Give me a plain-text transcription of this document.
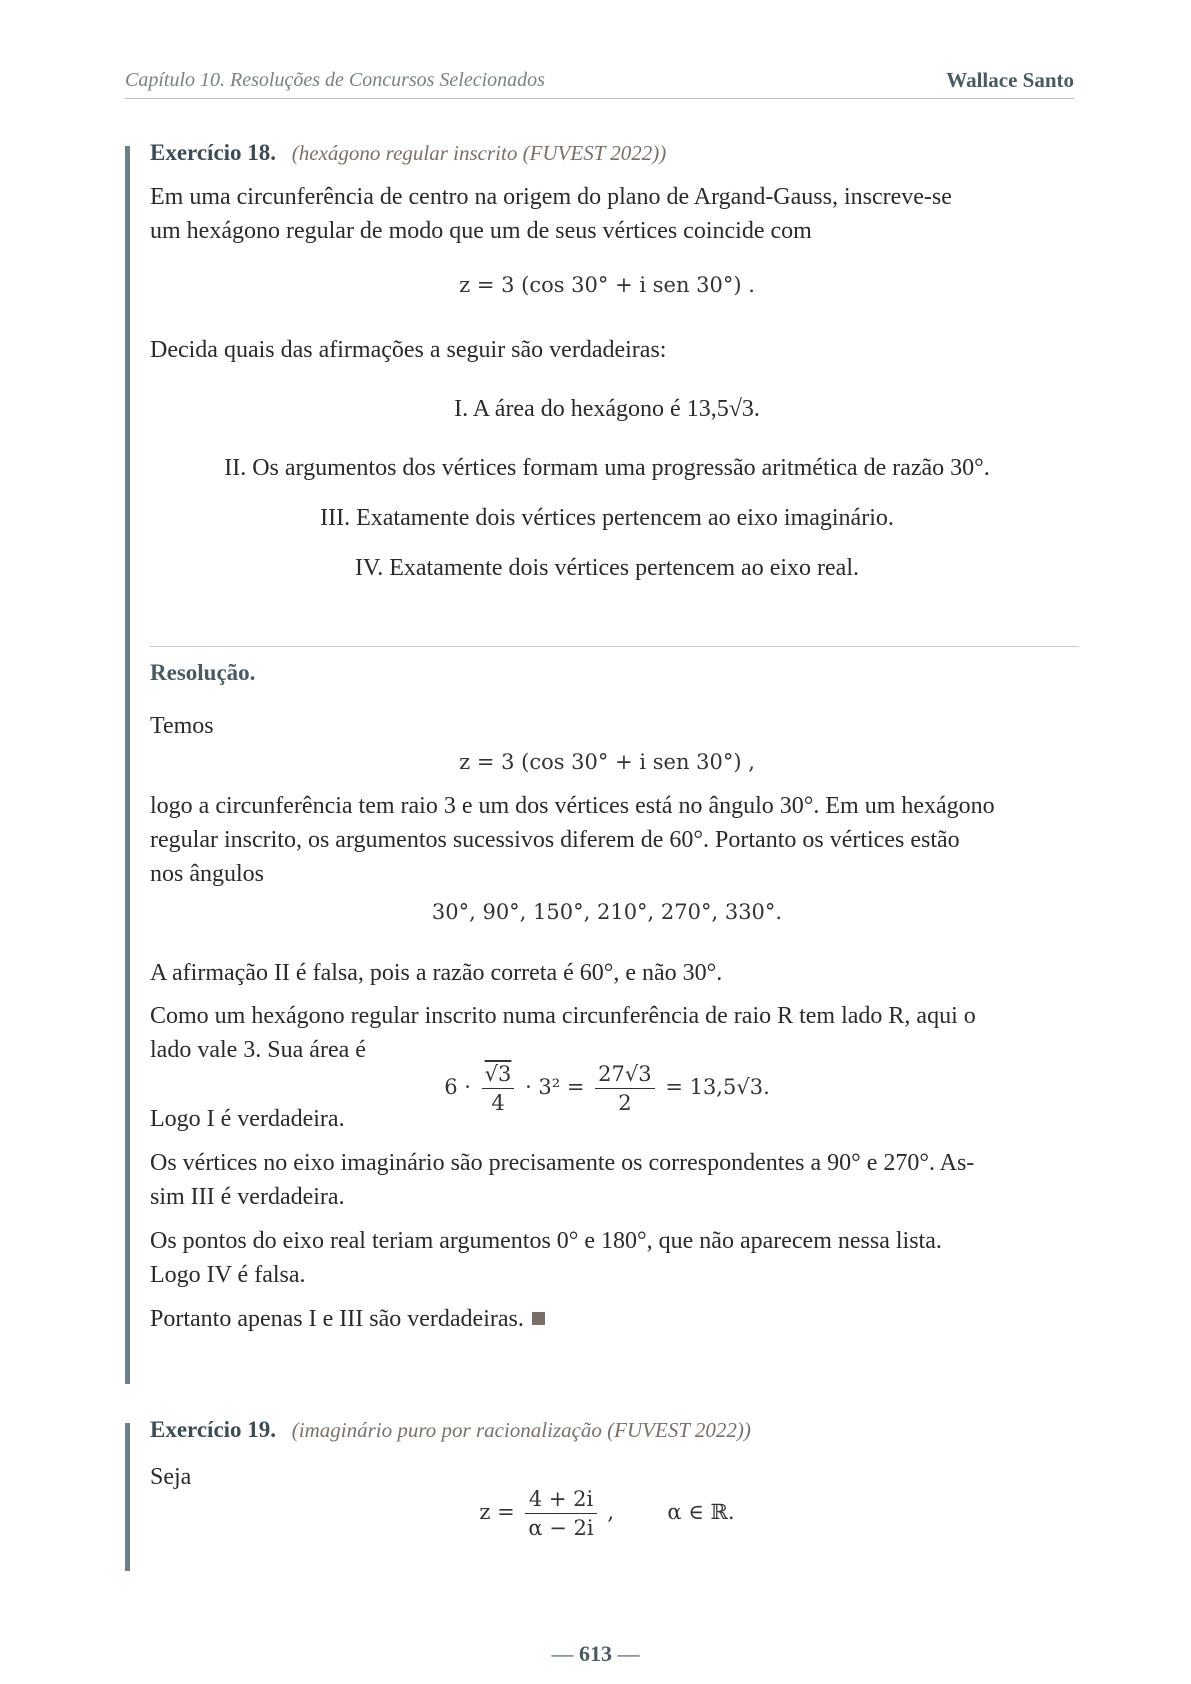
Capítulo 10. Resoluções de Concursos Selecionados	Wallace Santo
Exercício 18. (hexágono regular inscrito (FUVEST 2022))
Em uma circunferência de centro na origem do plano de Argand-Gauss, inscreve-se
um hexágono regular de modo que um de seus vértices coincide com
z = 3 (cos 30° + i sen 30°) .
Decida quais das afirmações a seguir são verdadeiras:
I. A área do hexágono é 13,5√3.
II. Os argumentos dos vértices formam uma progressão aritmética de razão 30°.
III. Exatamente dois vértices pertencem ao eixo imaginário.
IV. Exatamente dois vértices pertencem ao eixo real.
Resolução.
Temos
z = 3 (cos 30° + i sen 30°) ,
logo a circunferência tem raio 3 e um dos vértices está no ângulo 30°. Em um hexágono
regular inscrito, os argumentos sucessivos diferem de 60°. Portanto os vértices estão
nos ângulos
30°, 90°, 150°, 210°, 270°, 330°.
A afirmação II é falsa, pois a razão correta é 60°, e não 30°.
Como um hexágono regular inscrito numa circunferência de raio R tem lado R, aqui o
lado vale 3. Sua área é
$6 \cdot \frac{√3}{4} \cdot 3^2 = \frac{27√3}{2} = 13,5√3$.
Logo I é verdadeira.
Os vértices no eixo imaginário são precisamente os correspondentes a 90° e 270°. As-
sim III é verdadeira.
Os pontos do eixo real teriam argumentos 0° e 180°, que não aparecem nessa lista.
Logo IV é falsa.
Portanto apenas I e III são verdadeiras.
Exercício 19. (imaginário puro por racionalização (FUVEST 2022))
Seja
$z = \frac{4 + 2i}{\alpha - 2i}$ ,        α ∈ ℝ.
— 613 —
